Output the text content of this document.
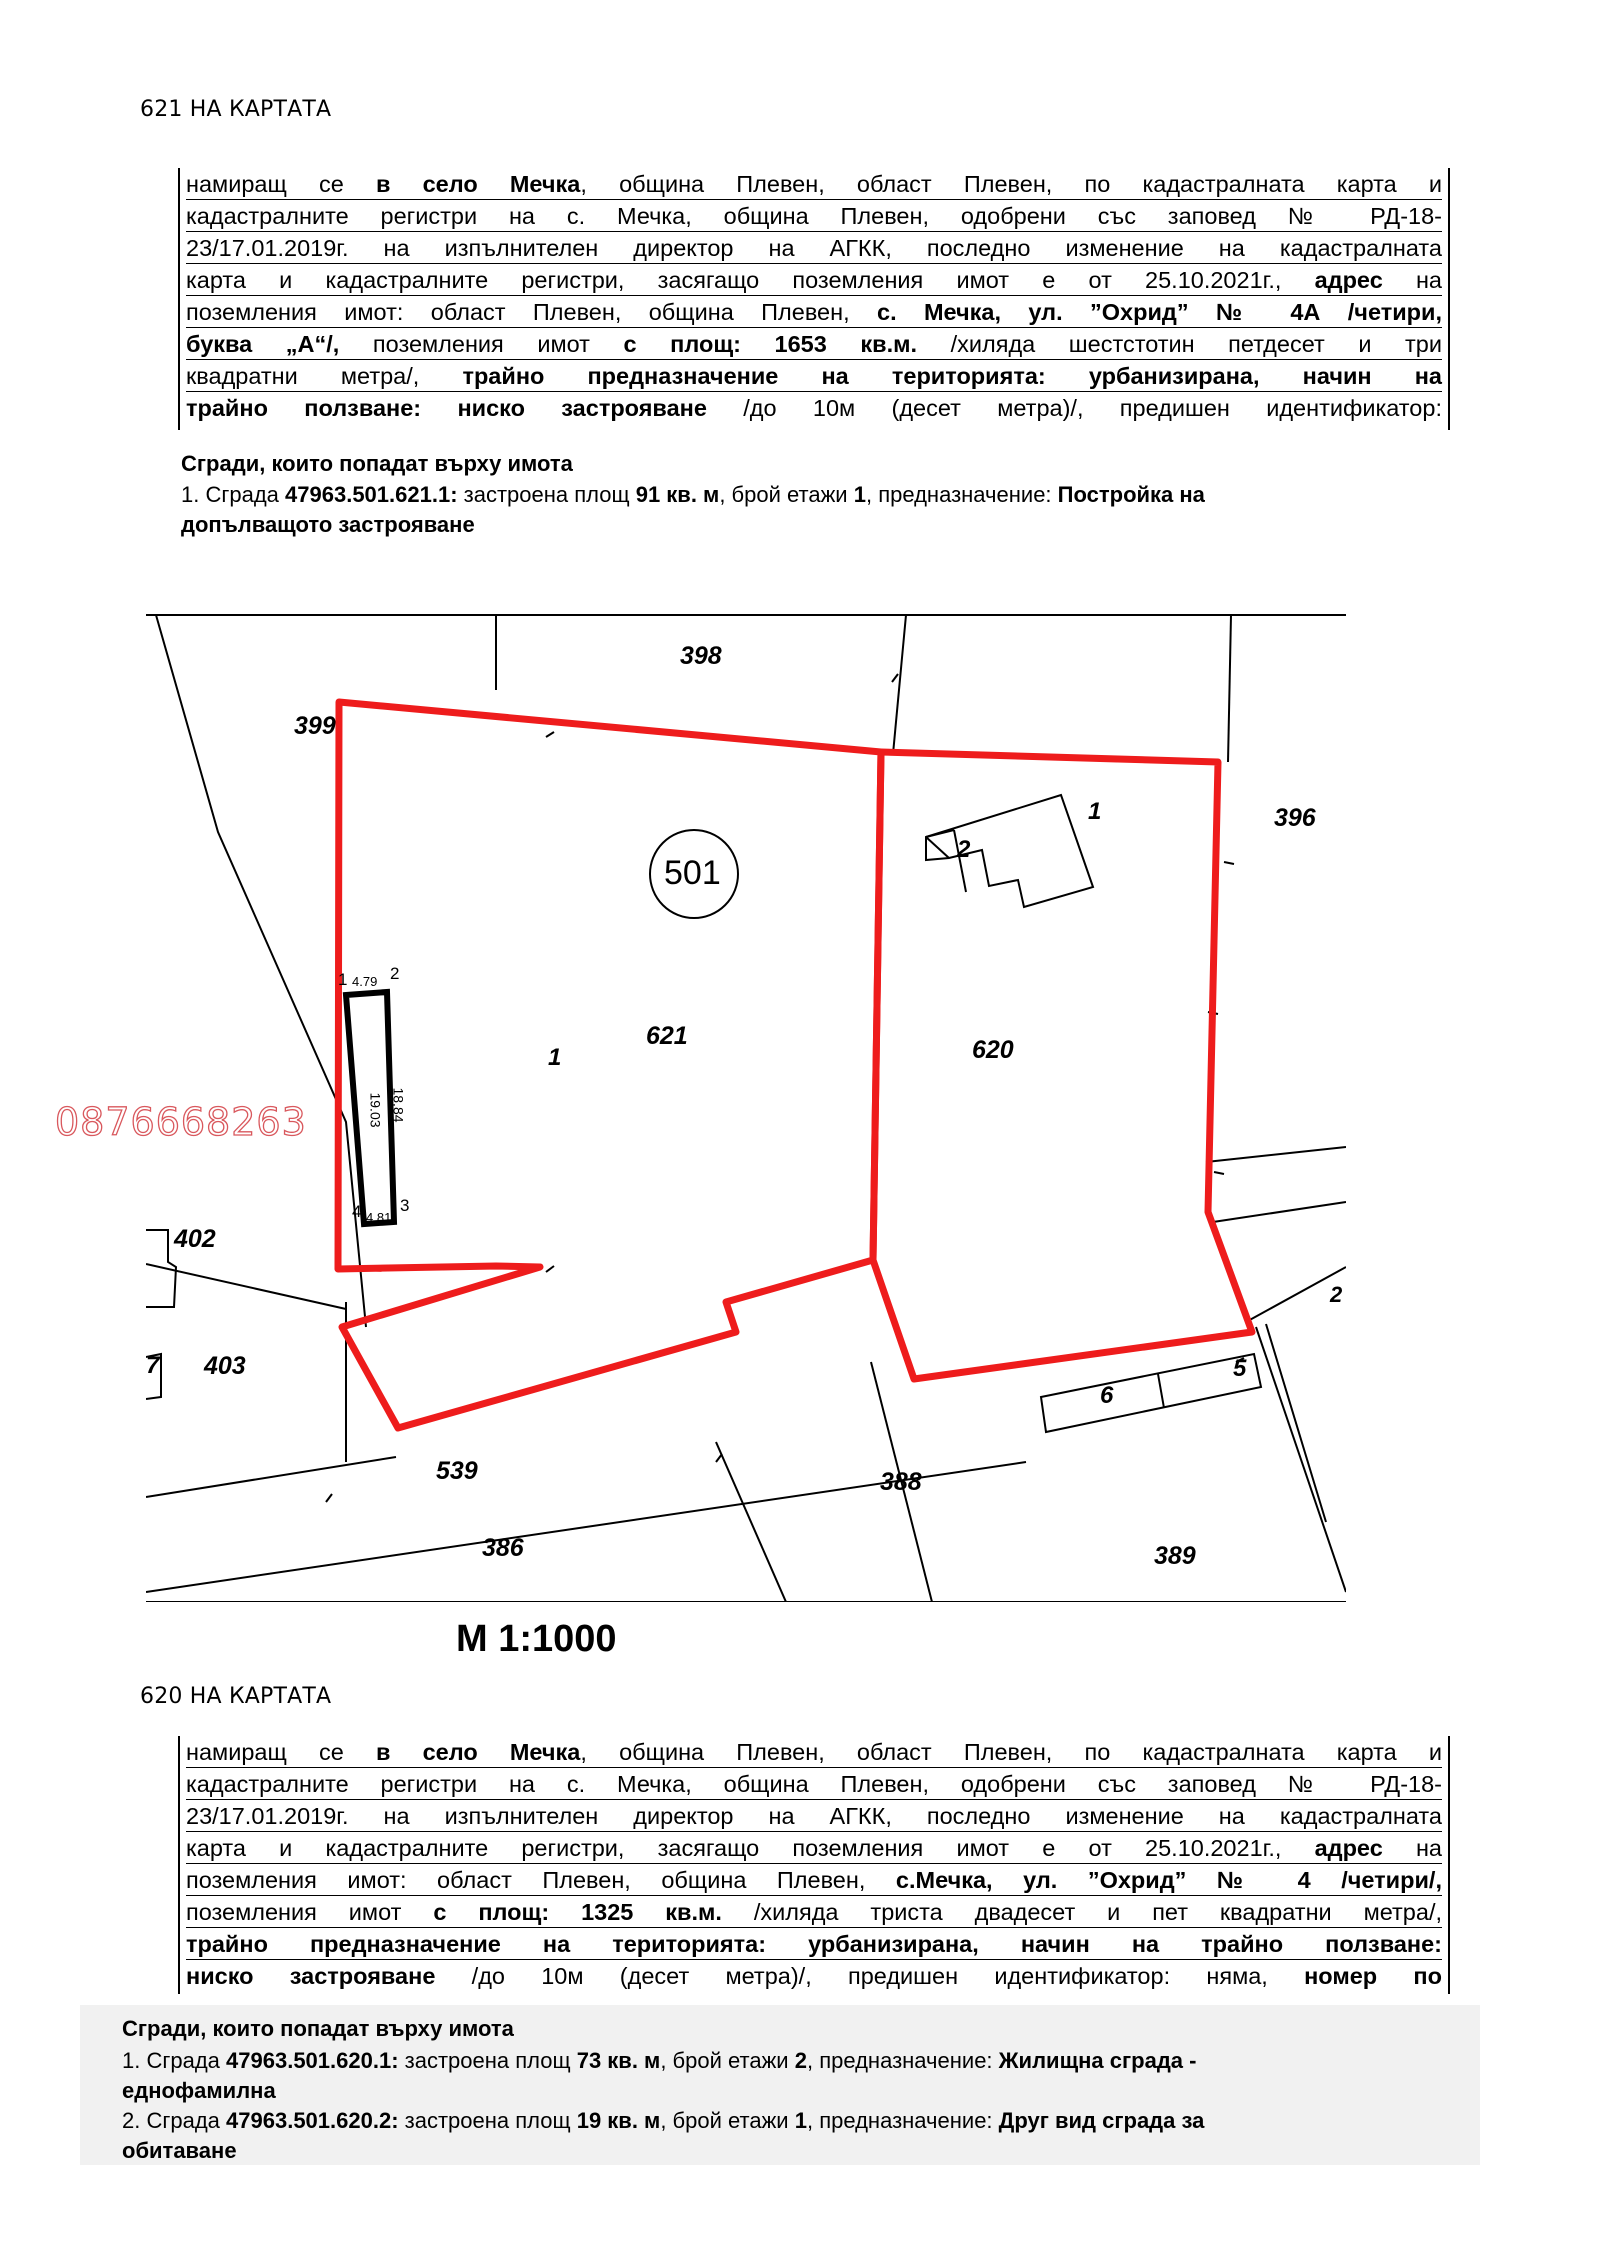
621 НА КАРТАТА
намиращ се в село Мечка, община Плевен, област Плевен, по кадастралната карта и
кадастралните регистри на с. Мечка, община Плевен, одобрени със заповед № РД-18-
23/17.01.2019г. на изпълнителен директор на АГКК, последно изменение на кадастралната
карта и кадастралните регистри, засягащо поземления имот е от 25.10.2021г., адрес на
поземления имот: област Плевен, община Плевен, с. Мечка, ул. ”Охрид” № 4А /четири,
буква „А“/, поземления имот с площ: 1653 кв.м. /хиляда шестстотин петдесет и три
квадратни метра/, трайно предназначение на територията: урбанизирана, начин на
трайно ползване: ниско застрояване /до 10м (десет метра)/, предишен идентификатор:
Сгради, които попадат върху имота
1. Сграда 47963.501.621.1: застроена площ 91 кв. м, брой етажи 1, предназначение: Постройка на
допълващото застрояване
398
399
396
501
621	620
402
403
539
386
388
389
1
1
2
5
6
7
2
4.79
19.03 18.84
4.81
1	2
3
4
0876668263
M 1:1000
620 НА КАРТАТА
намиращ се в село Мечка, община Плевен, област Плевен, по кадастралната карта и
кадастралните регистри на с. Мечка, община Плевен, одобрени със заповед № РД-18-
23/17.01.2019г. на изпълнителен директор на АГКК, последно изменение на кадастралната
карта и кадастралните регистри, засягащо поземления имот е от 25.10.2021г., адрес на
поземления имот: област Плевен, община Плевен, с.Мечка, ул. ”Охрид” № 4 /четири/,
поземления имот с площ: 1325 кв.м. /хиляда триста двадесет и пет квадратни метра/,
трайно предназначение на територията: урбанизирана, начин на трайно ползване:
ниско застрояване /до 10м (десет метра)/, предишен идентификатор: няма, номер по
Сгради, които попадат върху имота
1. Сграда 47963.501.620.1: застроена площ 73 кв. м, брой етажи 2, предназначение: Жилищна сграда -
еднофамилна
2. Сграда 47963.501.620.2: застроена площ 19 кв. м, брой етажи 1, предназначение: Друг вид сграда за
обитаване
